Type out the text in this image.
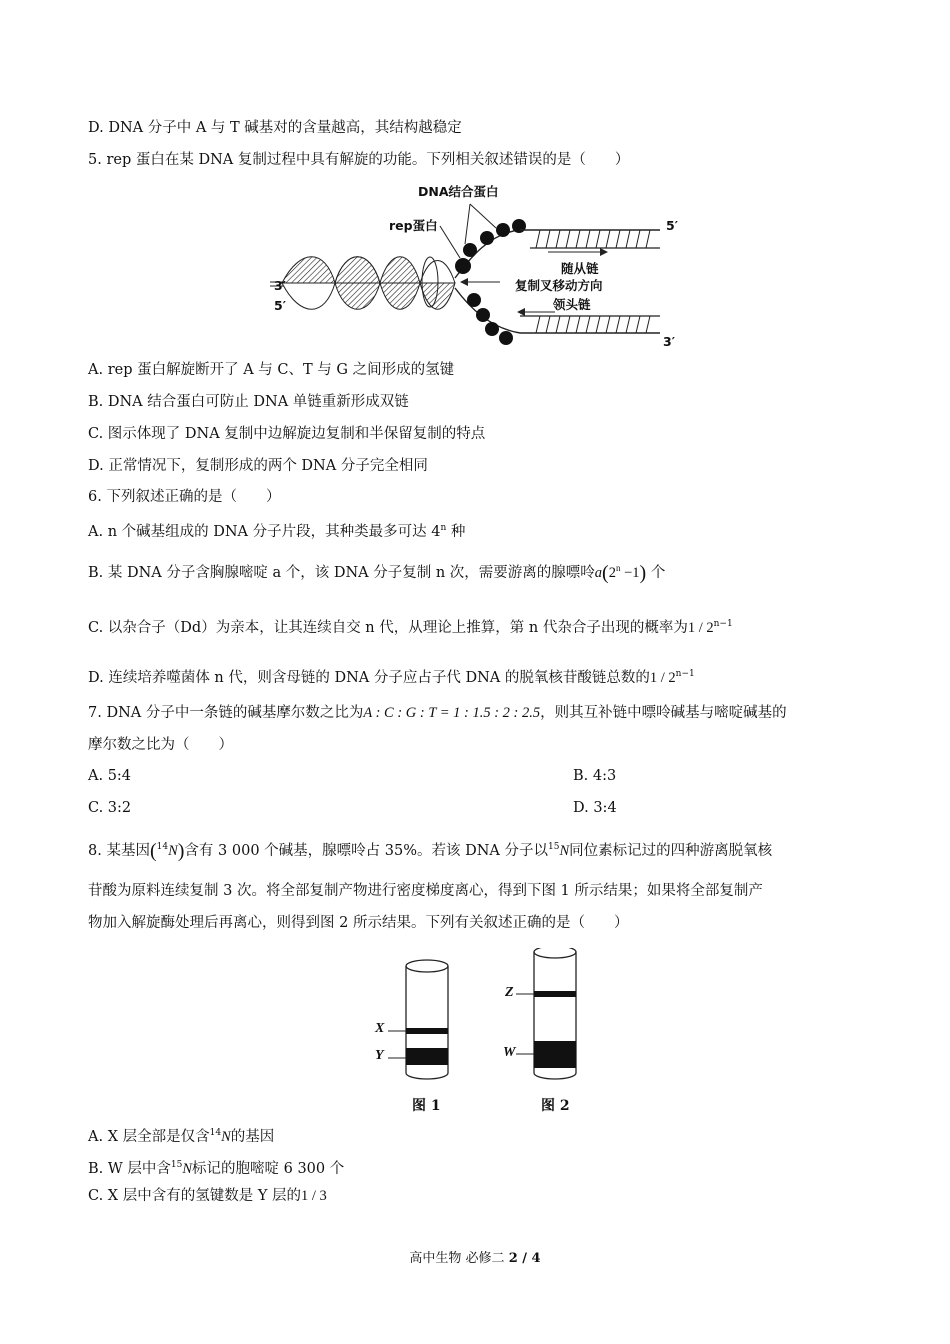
D. DNA 分子中 A 与 T 碱基对的含量越高，其结构越稳定
5. rep 蛋白在某 DNA 复制过程中具有解旋的功能。下列相关叙述错误的是（　　）
DNA结合蛋白
rep蛋白	5′
随从链
复制叉移动方向
领头链
3′
5′
3′
A. rep 蛋白解旋断开了 A 与 C、T 与 G 之间形成的氢键
B. DNA 结合蛋白可防止 DNA 单链重新形成双链
C. 图示体现了 DNA 复制中边解旋边复制和半保留复制的特点
D. 正常情况下，复制形成的两个 DNA 分子完全相同
6. 下列叙述正确的是（　　）
A. n 个碱基组成的 DNA 分子片段，其种类最多可达 4$^n$ 种
B. 某 DNA 分子含胸腺嘧啶 a 个，该 DNA 分子复制 n 次，需要游离的腺嘌呤$a(2^n -1)$ 个
C. 以杂合子（Dd）为亲本，让其连续自交 n 代，从理论上推算，第 n 代杂合子出现的概率为$1 / 2^{n-1}$
D. 连续培养噬菌体 n 代，则含母链的 DNA 分子应占子代 DNA 的脱氧核苷酸链总数的$1 / 2^{n-1}$
7. DNA 分子中一条链的碱基摩尔数之比为A : C : G : T = 1 : 1.5 : 2 : 2.5，则其互补链中嘌呤碱基与嘧啶碱基的
摩尔数之比为（　　）
A. 5:4	B. 4:3
C. 3:2	D. 3:4
8. 某基因($^{14}$N)含有 3 000 个碱基，腺嘌呤占 35%。若该 DNA 分子以$^{15}$N同位素标记过的四种游离脱氧核
苷酸为原料连续复制 3 次。将全部复制产物进行密度梯度离心，得到下图 1 所示结果；如果将全部复制产
物加入解旋酶处理后再离心，则得到图 2 所示结果。下列有关叙述正确的是（　　）
X
Y
Z
W
图 1	图 2
A. X 层全部是仅含$^{14}$N的基因
B. W 层中含$^{15}$N标记的胞嘧啶 6 300 个
C. X 层中含有的氢键数是 Y 层的1 / 3
高中生物 必修二 2 / 4
